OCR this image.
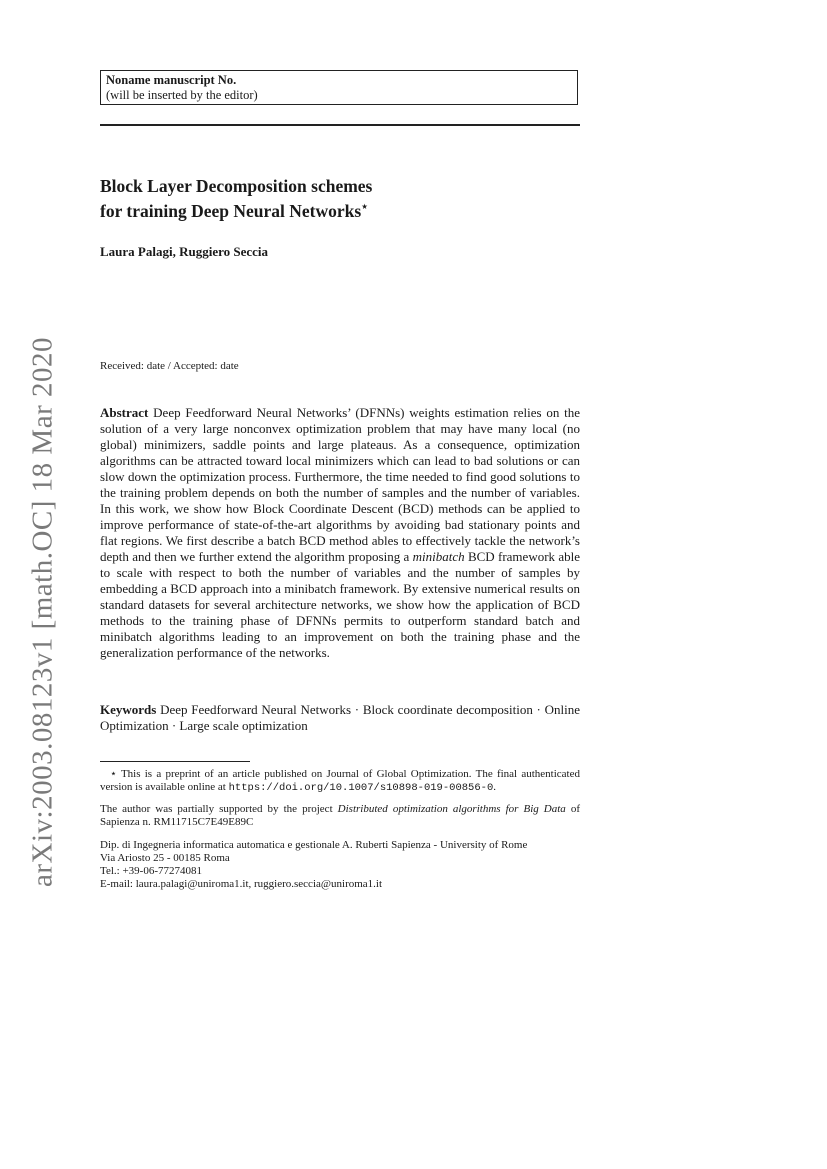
arXiv:2003.08123v1 [math.OC] 18 Mar 2020
Noname manuscript No.
(will be inserted by the editor)
Block Layer Decomposition schemes
for training Deep Neural Networks⋆
Laura Palagi, Ruggiero Seccia
Received: date / Accepted: date
Abstract Deep Feedforward Neural Networks’ (DFNNs) weights estimation relies on the solution of a very large nonconvex optimization problem that may have many local (no global) minimizers, saddle points and large plateaus. As a consequence, optimization algorithms can be attracted toward local minimizers which can lead to bad solutions or can slow down the optimization process. Furthermore, the time needed to find good solutions to the training problem depends on both the number of samples and the number of variables. In this work, we show how Block Coordinate Descent (BCD) methods can be applied to improve performance of state-of-the-art algorithms by avoiding bad stationary points and flat regions. We first describe a batch BCD method ables to effectively tackle the network’s depth and then we further extend the algorithm proposing a minibatch BCD framework able to scale with respect to both the number of variables and the number of samples by embedding a BCD approach into a minibatch framework. By extensive numerical results on standard datasets for several architecture networks, we show how the application of BCD methods to the training phase of DFNNs permits to outperform standard batch and minibatch algorithms leading to an improvement on both the training phase and the generalization performance of the networks.
Keywords Deep Feedforward Neural Networks · Block coordinate decomposition · Online Optimization · Large scale optimization
⋆ This is a preprint of an article published on Journal of Global Optimization. The final authenticated version is available online at https://doi.org/10.1007/s10898-019-00856-0.
The author was partially supported by the project Distributed optimization algorithms for Big Data of Sapienza n. RM11715C7E49E89C
Dip. di Ingegneria informatica automatica e gestionale A. Ruberti Sapienza - University of Rome
Via Ariosto 25 - 00185 Roma
Tel.: +39-06-77274081
E-mail: laura.palagi@uniroma1.it, ruggiero.seccia@uniroma1.it
